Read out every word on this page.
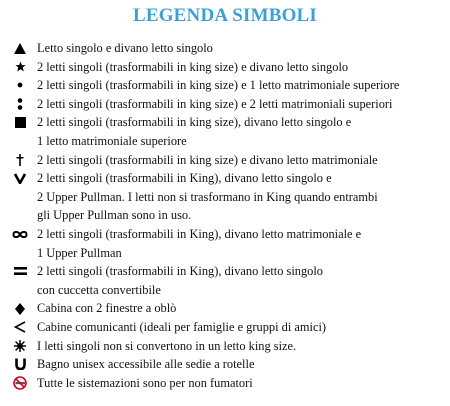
LEGENDA SIMBOLI
Letto singolo e divano letto singolo
2 letti singoli (trasformabili in king size) e divano letto singolo
2 letti singoli (trasformabili in king size) e 1 letto matrimoniale superiore
2 letti singoli (trasformabili in king size) e 2 letti matrimoniali superiori
2 letti singoli (trasformabili in king size), divano letto singolo e
1 letto matrimoniale superiore
2 letti singoli (trasformabili in king size) e divano letto matrimoniale
2 letti singoli (trasformabili in King), divano letto singolo e
2 Upper Pullman. I letti non si trasformano in King quando entrambi
gli Upper Pullman sono in uso.
2 letti singoli (trasformabili in King), divano letto matrimoniale e
1 Upper Pullman
2 letti singoli (trasformabili in King), divano letto singolo
con cuccetta convertibile
Cabina con 2 finestre a oblò
Cabine comunicanti (ideali per famiglie e gruppi di amici)
I letti singoli non si convertono in un letto king size.
Bagno unisex accessibile alle sedie a rotelle
Tutte le sistemazioni sono per non fumatori
